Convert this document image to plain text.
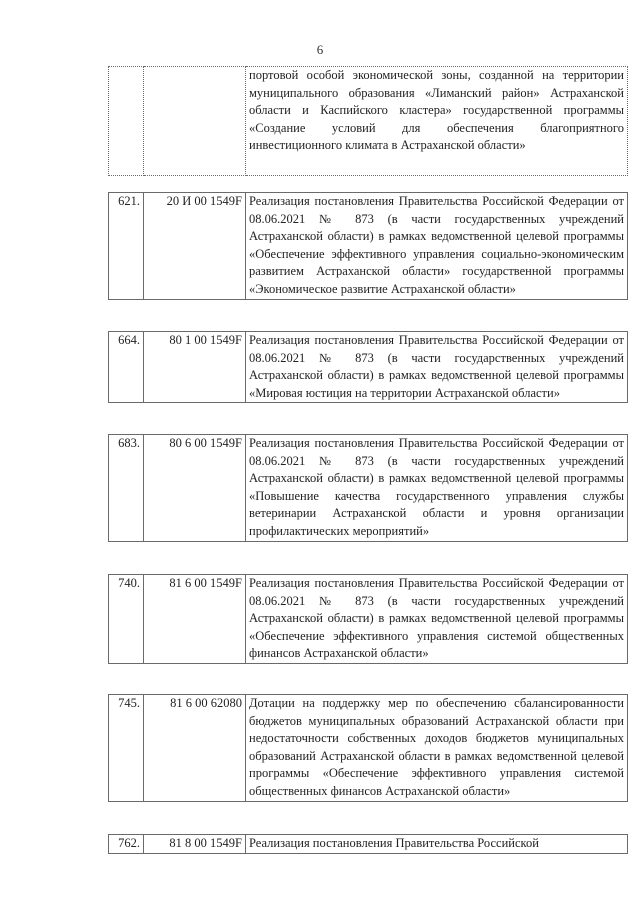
6
		портовой особой экономической зоны, созданной на территории муниципального образования «Лиманский район» Астраханской области и Каспийского кластера» государственной программы «Создание условий для обеспечения благоприятного инвестиционного климата в Астраханской области»
621.	20 И 00 1549F	Реализация постановления Правительства Российской Федерации от 08.06.2021 № 873 (в части государственных учреждений Астраханской области) в рамках ведомственной целевой программы «Обеспечение эффективного управления социально-экономическим развитием Астраханской области» государственной программы «Экономическое развитие Астраханской области»
664.	80 1 00 1549F	Реализация постановления Правительства Российской Федерации от 08.06.2021 № 873 (в части государственных учреждений Астраханской области) в рамках ведомственной целевой программы «Мировая юстиция на территории Астраханской области»
683.	80 6 00 1549F	Реализация постановления Правительства Российской Федерации от 08.06.2021 № 873 (в части государственных учреждений Астраханской области) в рамках ведомственной целевой программы «Повышение качества государственного управления службы ветеринарии Астраханской области и уровня организации профилактических мероприятий»
740.	81 6 00 1549F	Реализация постановления Правительства Российской Федерации от 08.06.2021 № 873 (в части государственных учреждений Астраханской области) в рамках ведомственной целевой программы «Обеспечение эффективного управления системой общественных финансов Астраханской области»
745.	81 6 00 62080	Дотации на поддержку мер по обеспечению сбалансированности бюджетов муниципальных образований Астраханской области при недостаточности собственных доходов бюджетов муниципальных образований Астраханской области в рамках ведомственной целевой программы «Обеспечение эффективного управления системой общественных финансов Астраханской области»
762.	81 8 00 1549F	Реализация постановления Правительства Российской
